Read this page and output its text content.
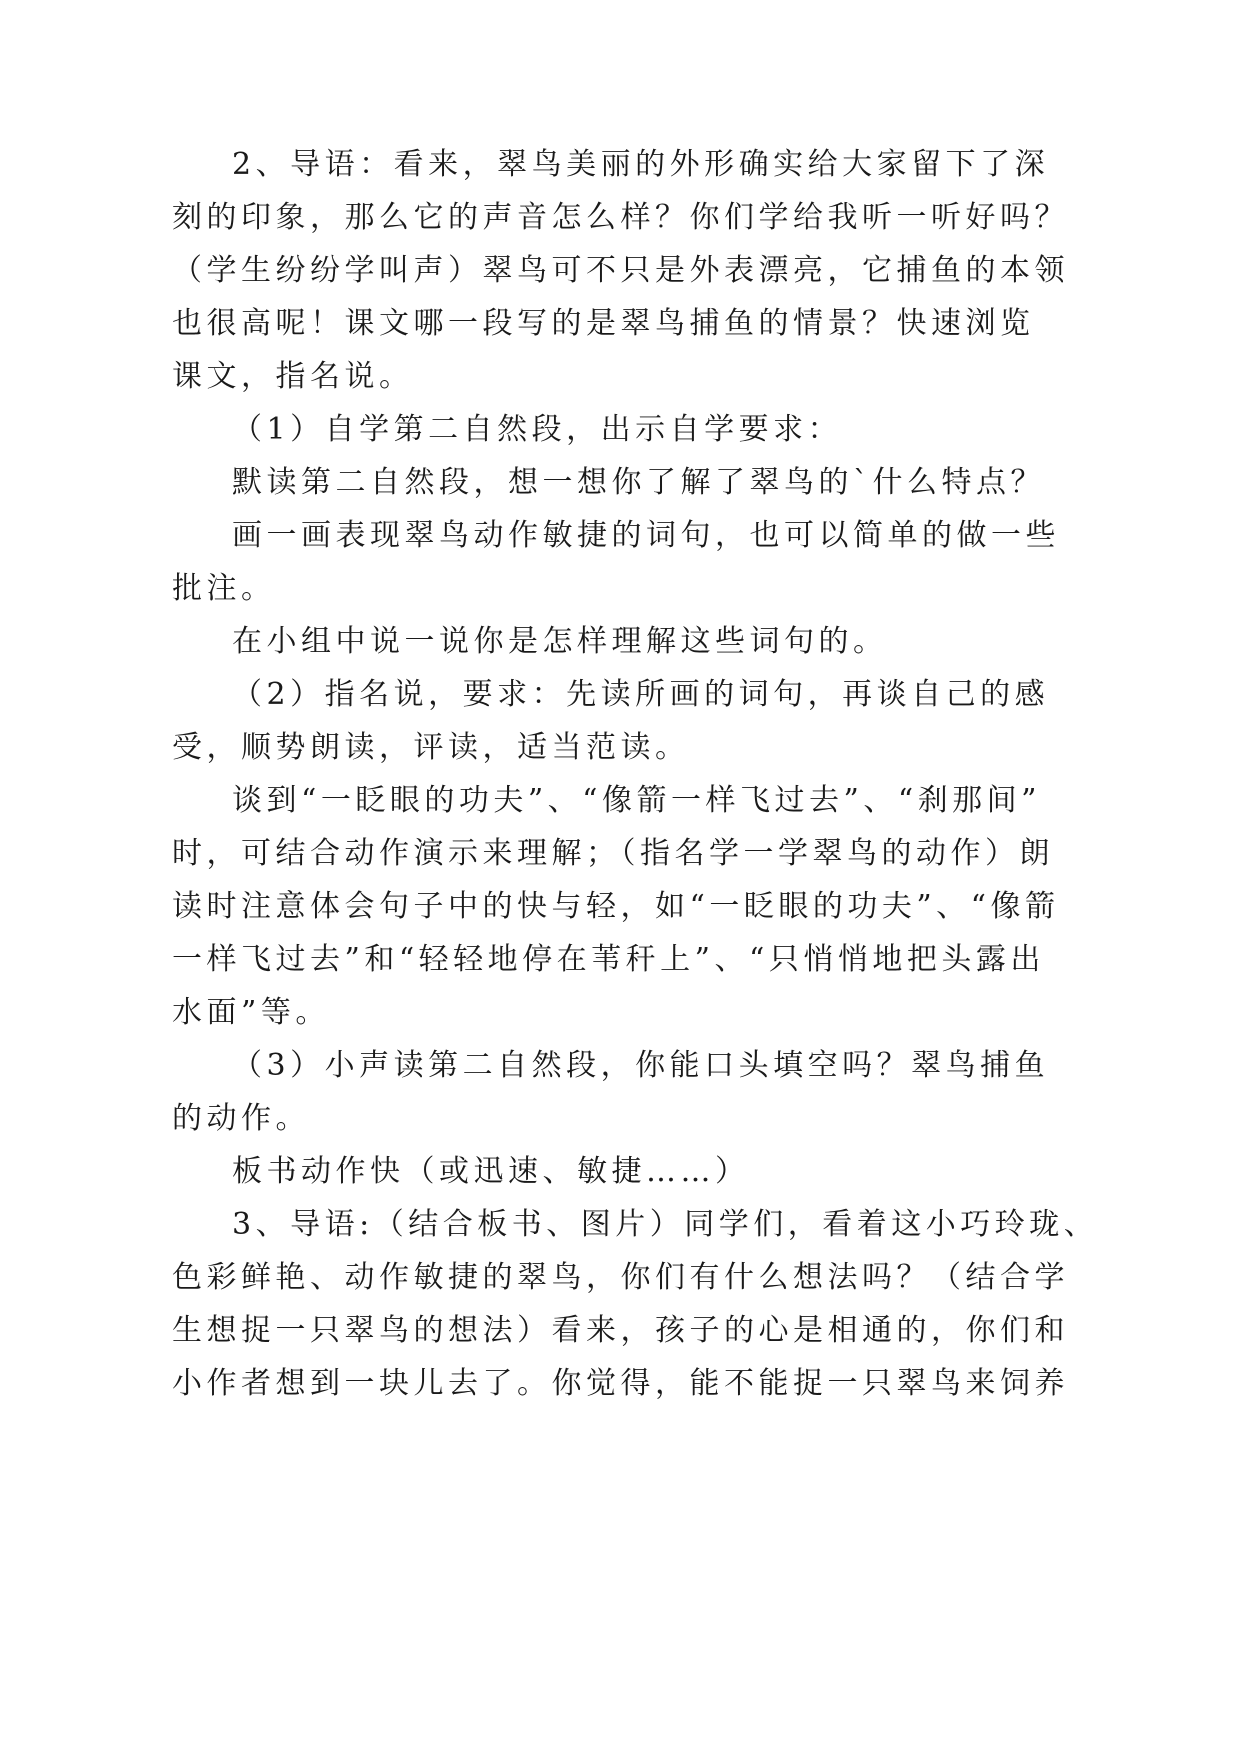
2、导语：看来，翠鸟美丽的外形确实给大家留下了深
刻的印象，那么它的声音怎么样？你们学给我听一听好吗？
（学生纷纷学叫声）翠鸟可不只是外表漂亮，它捕鱼的本领
也很高呢！课文哪一段写的是翠鸟捕鱼的情景？快速浏览
课文，指名说。
（1）自学第二自然段，出示自学要求：
默读第二自然段，想一想你了解了翠鸟的`什么特点？
画一画表现翠鸟动作敏捷的词句，也可以简单的做一些
批注。
在小组中说一说你是怎样理解这些词句的。
（2）指名说，要求：先读所画的词句，再谈自己的感
受，顺势朗读，评读，适当范读。
谈到“一眨眼的功夫”、“像箭一样飞过去”、“刹那间”
时，可结合动作演示来理解；（指名学一学翠鸟的动作）朗
读时注意体会句子中的快与轻，如“一眨眼的功夫”、“像箭
一样飞过去”和“轻轻地停在苇秆上”、“只悄悄地把头露出
水面”等。
（3）小声读第二自然段，你能口头填空吗？翠鸟捕鱼
的动作。
板书动作快（或迅速、敏捷……）
3、导语:（结合板书、图片）同学们，看着这小巧玲珑、
色彩鲜艳、动作敏捷的翠鸟，你们有什么想法吗？（结合学
生想捉一只翠鸟的想法）看来，孩子的心是相通的，你们和
小作者想到一块儿去了。你觉得，能不能捉一只翠鸟来饲养
